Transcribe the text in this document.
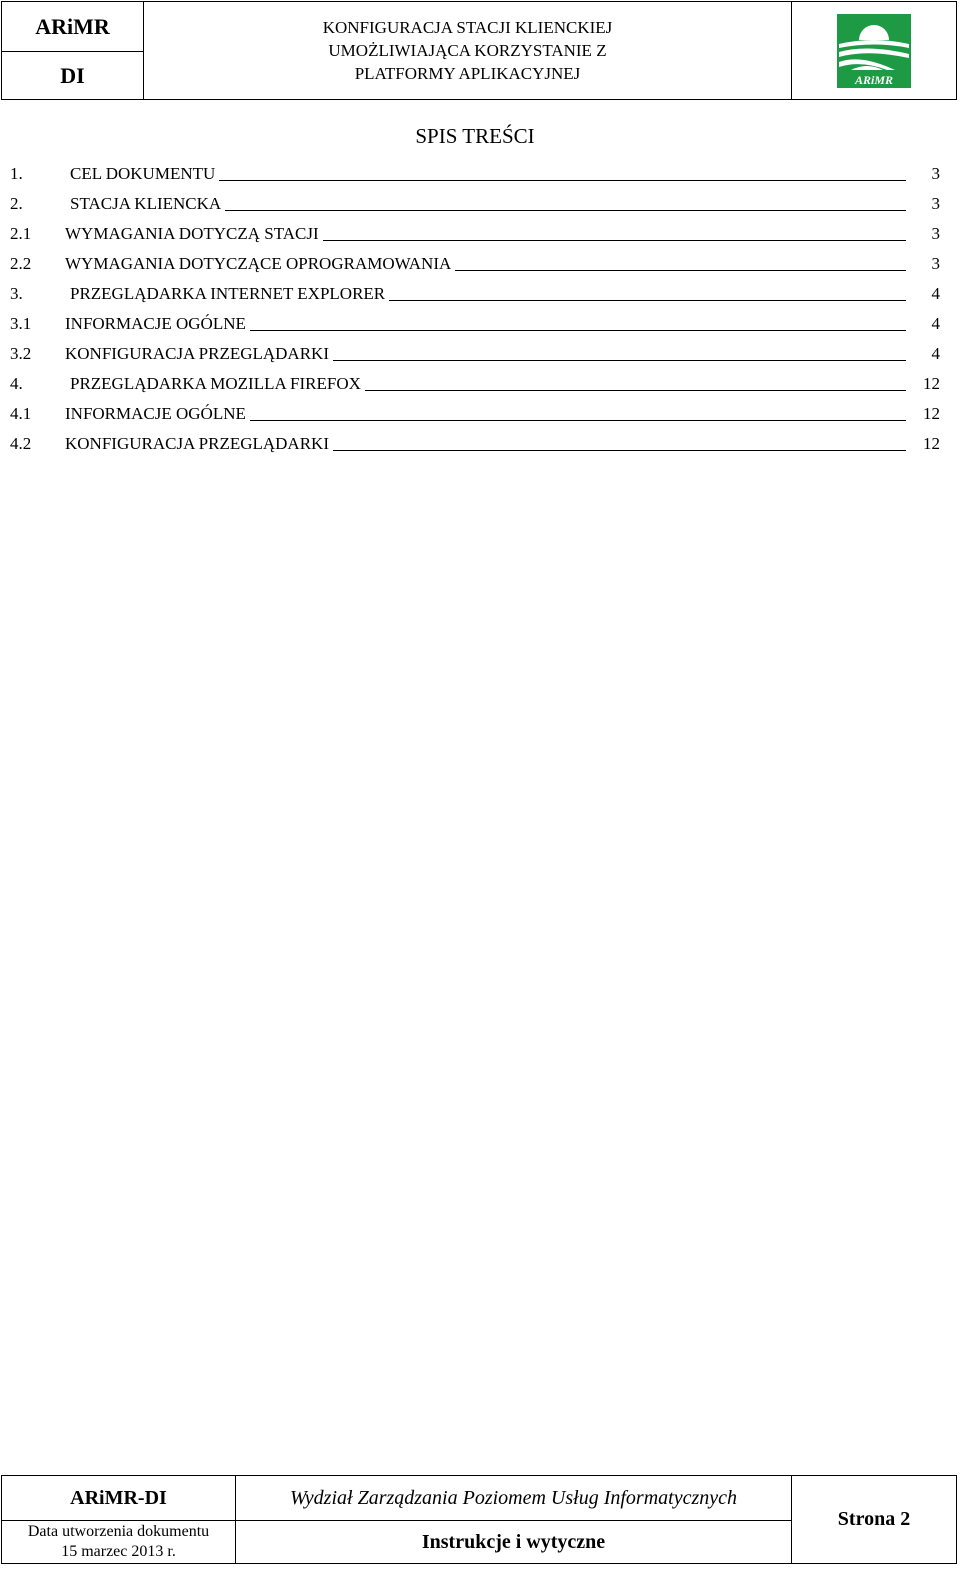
ARiMR
DI
KONFIGURACJA STACJI KLIENCKIEJ
UMOŻLIWIAJĄCA KORZYSTANIE Z
PLATFORMY APLIKACYJNEJ	ARiMR
SPIS TREŚCI
1.	CEL DOKUMENTU	3
2.	STACJA KLIENCKA	3
2.1	WYMAGANIA DOTYCZĄ STACJI	3
2.2	WYMAGANIA DOTYCZĄCE OPROGRAMOWANIA	3
3.	PRZEGLĄDARKA INTERNET EXPLORER	4
3.1	INFORMACJE OGÓLNE	4
3.2	KONFIGURACJA PRZEGLĄDARKI	4
4.	PRZEGLĄDARKA MOZILLA FIREFOX	12
4.1	INFORMACJE OGÓLNE	12
4.2	KONFIGURACJA PRZEGLĄDARKI	12
ARiMR-DI
Data utworzenia dokumentu
15 marzec 2013 r.
Wydział Zarządzania Poziomem Usług Informatycznych
Instrukcje i wytyczne
Strona 2
